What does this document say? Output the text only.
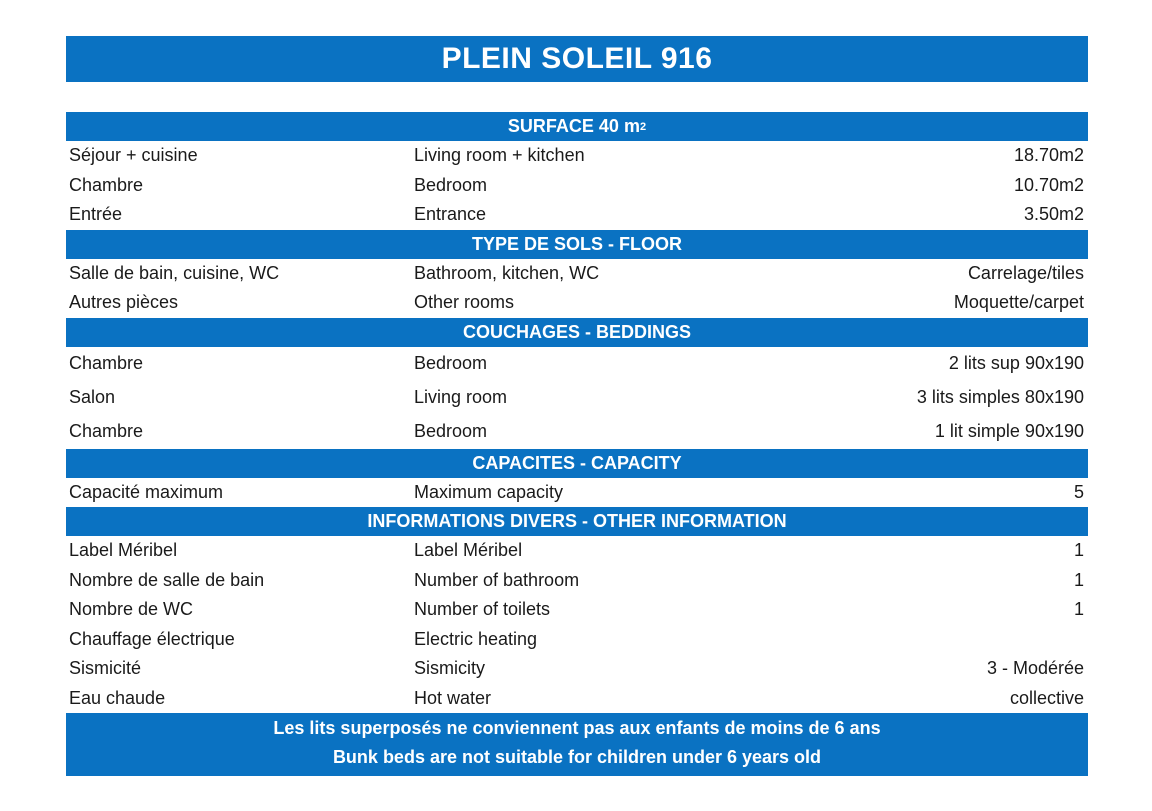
PLEIN SOLEIL 916
SURFACE 40 m 2
Séjour + cuisine	Living room + kitchen	18.70m2
Chambre	Bedroom	10.70m2
Entrée	Entrance	3.50m2
TYPE DE SOLS - FLOOR
Salle de bain, cuisine, WC	Bathroom, kitchen, WC	Carrelage/tiles
Autres pièces	Other rooms	Moquette/carpet
COUCHAGES - BEDDINGS
Chambre	Bedroom	2 lits sup 90x190
Salon	Living room	3 lits simples 80x190
Chambre	Bedroom	1 lit simple 90x190
CAPACITES - CAPACITY
Capacité maximum	Maximum capacity	5
INFORMATIONS DIVERS - OTHER INFORMATION
Label Méribel	Label Méribel	1
Nombre de salle de bain	Number of bathroom	1
Nombre de WC	Number of toilets	1
Chauffage électrique	Electric heating
Sismicité	Sismicity	3 - Modérée
Eau chaude	Hot water	collective
Les lits superposés ne conviennent pas aux enfants de moins de 6 ans
Bunk beds are not suitable for children under 6 years old
